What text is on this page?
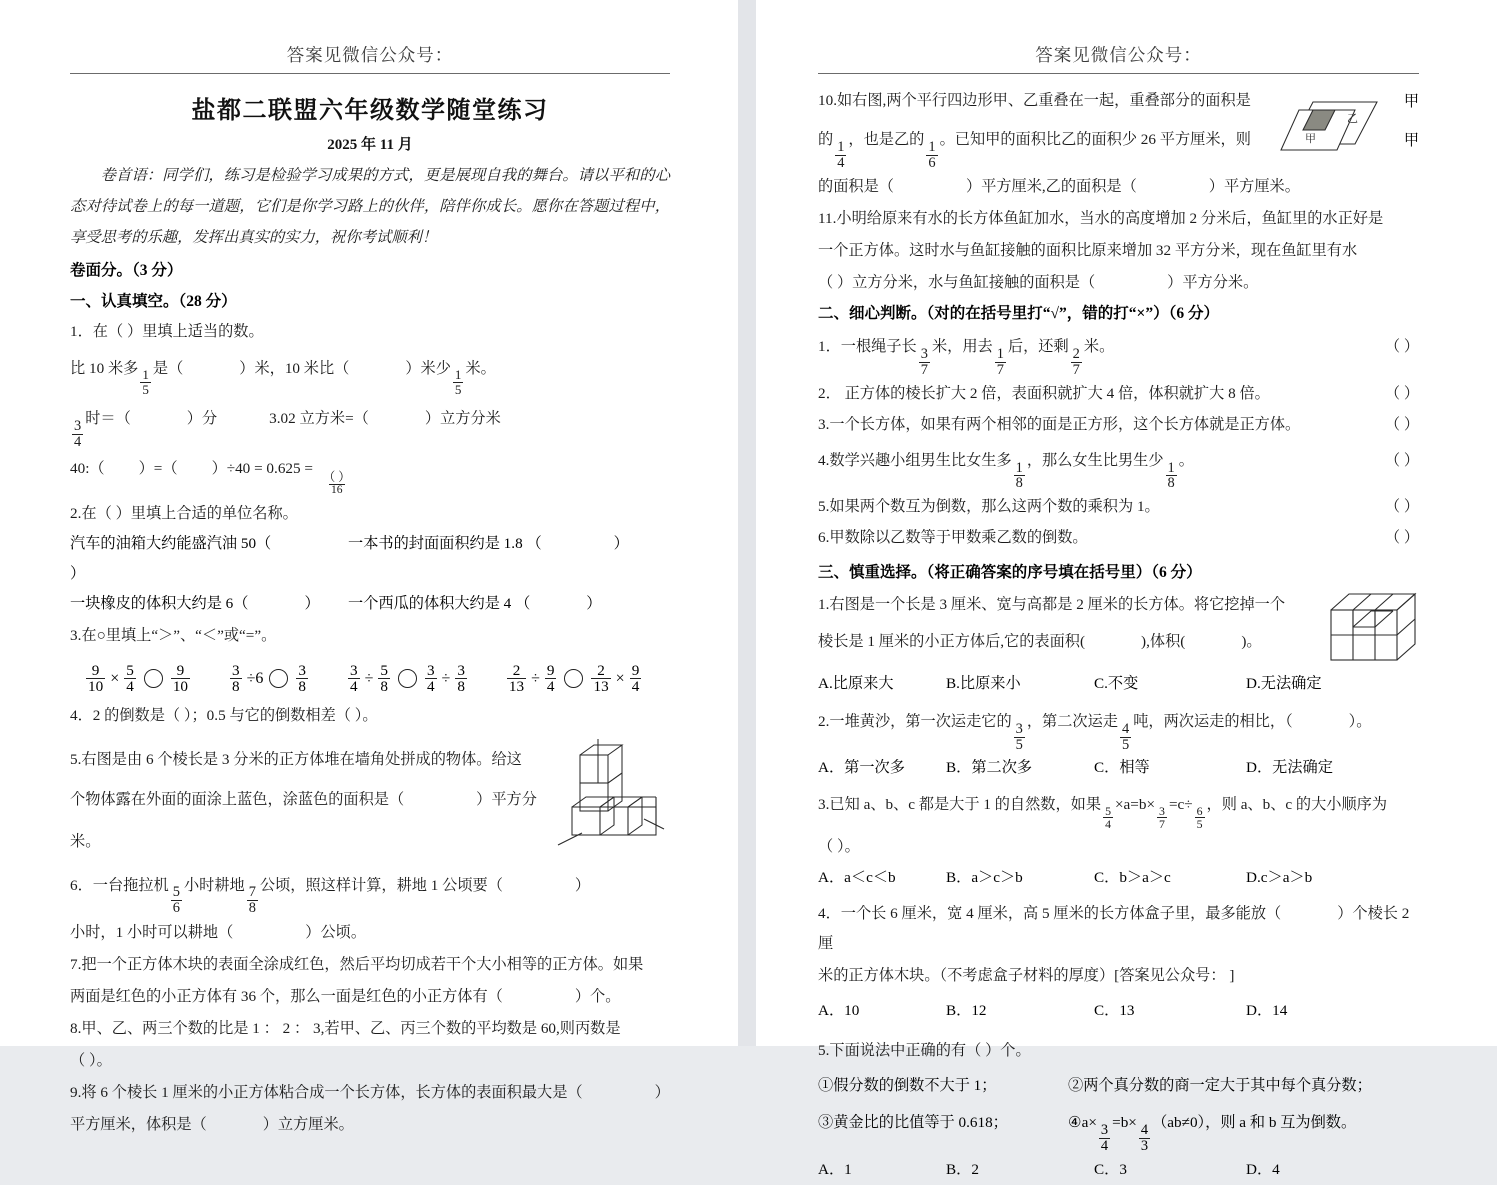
答案见微信公众号：
盐都二联盟六年级数学随堂练习
2025 年 11 月
卷首语：同学们，练习是检验学习成果的方式，更是展现自我的舞台。请以平和的心态对待试卷上的每一道题，它们是你学习路上的伙伴，陪伴你成长。愿你在答题过程中，享受思考的乐趣，发挥出真实的实力，祝你考试顺利！
卷面分。（3 分）
一、认真填空。（28 分）
1．在（ ）里填上适当的数。
比 10 米多 $\frac{1}{5}$ 是（	）米，10 米比（	）米少 $\frac{1}{5}$ 米。
$\frac{3}{4}$
时＝（	）分	3.02 立方米=（	）立方分米
40:（ ）=（ ）÷40 = 0.625 =
$\frac{( )}{16}$
2.在（ ）里填上合适的单位名称。
汽车的油箱大约能盛汽油 50（）
一本书的封面面积约是 1.8 （	）
一块橡皮的体积大约是 6（	）	一个西瓜的体积大约是 4 （	）
3.在○里填上“＞”、“＜”或“=”。
$\frac{9}{10} \times \frac{5}{4} \frac{9}{10}$	$\frac{3}{8} \div 6 \frac{3}{8}$	$\frac{3}{4} \div \frac{5}{8} \frac{3}{4} \div \frac{3}{8}$	$\frac{2}{13} \div \frac{9}{4} \frac{2}{13} \times \frac{9}{4}$
4．2 的倒数是（ ）；0.5 与它的倒数相差（ ）。
5.右图是由 6 个棱长是 3 分米的正方体堆在墙角处拼成的物体。给这
个物体露在外面的面涂上蓝色，涂蓝色的面积是（	）平方分米。
6．一台拖拉机
$\frac{5}{6}$
小时耕地
$\frac{7}{8}$
公顷，照这样计算，耕地 1 公顷要（	）
小时，1 小时可以耕地（	）公顷。
7.把一个正方体木块的表面全涂成红色，然后平均切成若干个大小相等的正方体。如果
两面是红色的小正方体有 36 个，那么一面是红色的小正方体有（	）个。
8.甲、乙、两三个数的比是 1 ： 2 ： 3,若甲、乙、丙三个数的平均数是 60,则丙数是
（ ）。
9.将 6 个棱长 1 厘米的小正方体粘合成一个长方体，长方体的表面积最大是（	）
平方厘米，体积是（	）立方厘米。
答案见微信公众号：
10.如右图,两个平行四边形甲、乙重叠在一起，重叠部分的面积是
的
$\frac{1}{4}$
，也是乙的
$\frac{1}{6}$
。已知甲的面积比乙的面积少 26 平方厘米，则
乙
甲
甲
甲
的面积是（	）平方厘米,乙的面积是（	）平方厘米。
11.小明给原来有水的长方体鱼缸加水，当水的高度增加 2 分米后，鱼缸里的水正好是
一个正方体。这时水与鱼缸接触的面积比原来增加 32 平方分米，现在鱼缸里有水
（ ）立方分米，水与鱼缸接触的面积是（	）平方分米。
二、细心判断。（对的在括号里打“√”，错的打“×”）（6 分）
1．一根绳子长
$\frac{3}{7}$
米，用去
$\frac{1}{7}$
后，还剩
$\frac{2}{7}$
米。	（ ）
2． 正方体的棱长扩大 2 倍，表面积就扩大 4 倍，体积就扩大 8 倍。	（ ）
3.一个长方体，如果有两个相邻的面是正方形，这个长方体就是正方体。	（ ）
4.数学兴趣小组男生比女生多
$\frac{1}{8}$
，那么女生比男生少
$\frac{1}{8}$
。	（ ）
5.如果两个数互为倒数，那么这两个数的乘积为 1。	（ ）
6.甲数除以乙数等于甲数乘乙数的倒数。	（ ）
三、慎重选择。（将正确答案的序号填在括号里）（6 分）
1.右图是一个长是 3 厘米、宽与高都是 2 厘米的长方体。将它挖掉一个
棱长是 1 厘米的小正方体后,它的表面积(	),体积(	)。
A.比原来大	B.比原来小	C.不变	D.无法确定
2.一堆黄沙，第一次运走它的
$\frac{3}{5}$
，第二次运走
$\frac{4}{5}$
吨，两次运走的相比，（	）。
A．第一次多	B．第二次多	C．相等	D．无法确定
3.已知 a、b、c 都是大于 1 的自然数，如果
$\frac{5}{4}$
×a=b×
$\frac{3}{7}$
=c÷
$\frac{6}{5}$
，则 a、b、c 的大小顺序为
（ ）。
A．a＜c＜b	B．a＞c＞b	C．b＞a＞c	D.c＞a＞b
4．一个长 6 厘米，宽 4 厘米，高 5 厘米的长方体盒子里，最多能放（	）个棱长 2 厘
米的正方体木块。（不考虑盒子材料的厚度）[答案见公众号： ]
A．10	B．12	C．13	D．14
5.下面说法中正确的有（ ）个。
①假分数的倒数不大于 1；	②两个真分数的商一定大于其中每个真分数；
③黄金比的比值等于 0.618；	④a×
$\frac{3}{4}$
=b×
$\frac{4}{3}$
（ab≠0），则 a 和 b 互为倒数。
A．1	B．2	C．3	D．4
